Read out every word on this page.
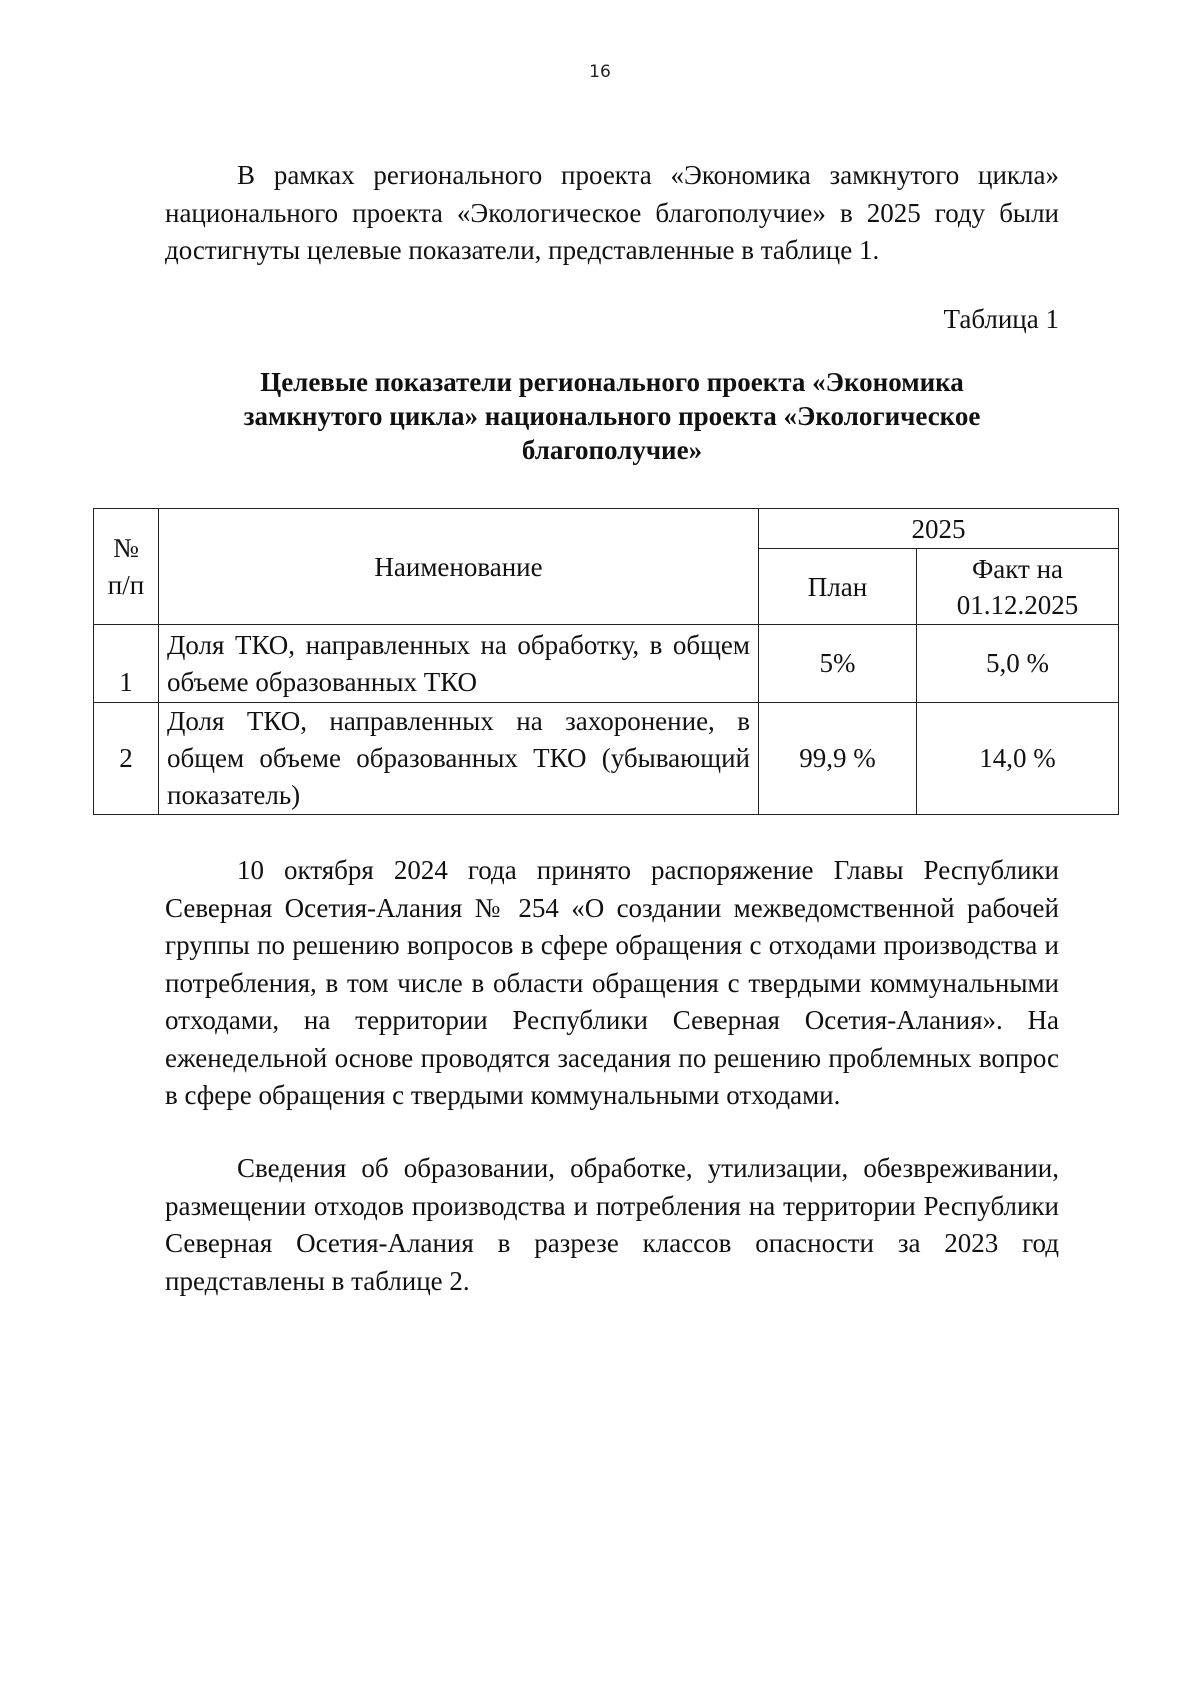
16

В рамках регионального проекта «Экономика замкнутого цикла» национального проекта «Экологическое благополучие» в 2025 году были достигнуты целевые показатели, представленные в таблице 1.

Таблица 1

Целевые показатели регионального проекта «Экономика замкнутого цикла» национального проекта «Экологическое благополучие»

№ п/п	Наименование	2025	
		План	Факт на 01.12.2025
1	Доля ТКО, направленных на обработку, в общем объеме образованных ТКО	5%	5,0 %
2	Доля ТКО, направленных на захоронение, в общем объеме образованных ТКО (убывающий показатель)	99,9 %	14,0 %

10 октября 2024 года принято распоряжение Главы Республики Северная Осетия-Алания № 254 «О создании межведомственной рабочей группы по решению вопросов в сфере обращения с отходами производства и потребления, в том числе в области обращения с твердыми коммунальными отходами, на территории Республики Северная Осетия-Алания». На еженедельной основе проводятся заседания по решению проблемных вопрос в сфере обращения с твердыми коммунальными отходами.

Сведения об образовании, обработке, утилизации, обезвреживании, размещении отходов производства и потребления на территории Республики Северная Осетия-Алания в разрезе классов опасности за 2023 год представлены в таблице 2.
